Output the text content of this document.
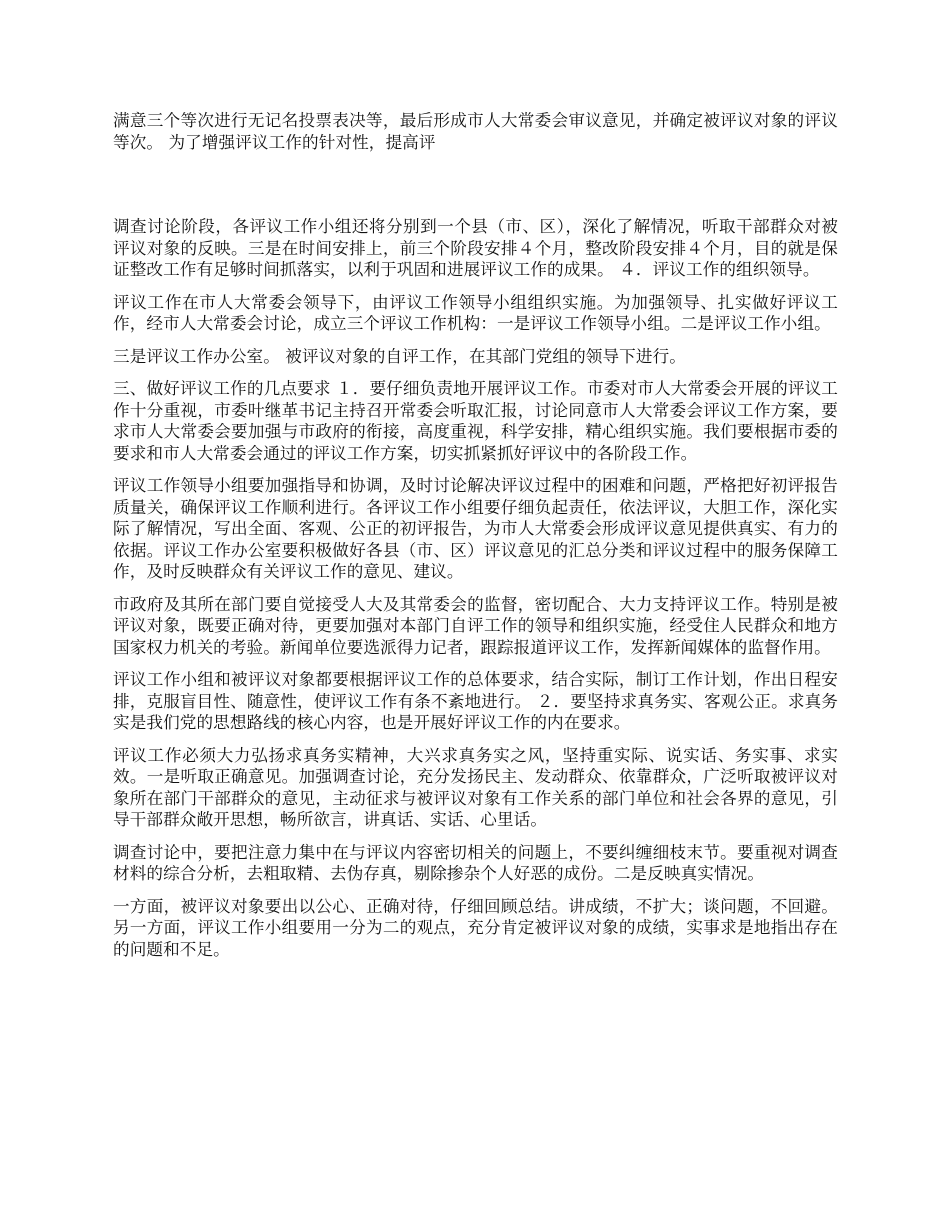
满意三个等次进行无记名投票表决等，最后形成市人大常委会审议意见，并确定被评议对象的评议等次。 为了增强评议工作的针对性，提高评

调查讨论阶段，各评议工作小组还将分别到一个县（市、区），深化了解情况，听取干部群众对被评议对象的反映。三是在时间安排上，前三个阶段安排４个月，整改阶段安排４个月，目的就是保证整改工作有足够时间抓落实，以利于巩固和进展评议工作的成果。 ４．评议工作的组织领导。

评议工作在市人大常委会领导下，由评议工作领导小组组织实施。为加强领导、扎实做好评议工作，经市人大常委会讨论，成立三个评议工作机构：一是评议工作领导小组。二是评议工作小组。

三是评议工作办公室。 被评议对象的自评工作，在其部门党组的领导下进行。

三、做好评议工作的几点要求 １．要仔细负责地开展评议工作。市委对市人大常委会开展的评议工作十分重视，市委叶继革书记主持召开常委会听取汇报，讨论同意市人大常委会评议工作方案，要求市人大常委会要加强与市政府的衔接，高度重视，科学安排，精心组织实施。我们要根据市委的要求和市人大常委会通过的评议工作方案，切实抓紧抓好评议中的各阶段工作。

评议工作领导小组要加强指导和协调，及时讨论解决评议过程中的困难和问题，严格把好初评报告质量关，确保评议工作顺利进行。各评议工作小组要仔细负起责任，依法评议，大胆工作，深化实际了解情况，写出全面、客观、公正的初评报告，为市人大常委会形成评议意见提供真实、有力的依据。评议工作办公室要积极做好各县（市、区）评议意见的汇总分类和评议过程中的服务保障工作，及时反映群众有关评议工作的意见、建议。

市政府及其所在部门要自觉接受人大及其常委会的监督，密切配合、大力支持评议工作。特别是被评议对象，既要正确对待，更要加强对本部门自评工作的领导和组织实施，经受住人民群众和地方国家权力机关的考验。新闻单位要选派得力记者，跟踪报道评议工作，发挥新闻媒体的监督作用。

评议工作小组和被评议对象都要根据评议工作的总体要求，结合实际，制订工作计划，作出日程安排，克服盲目性、随意性，使评议工作有条不紊地进行。 ２．要坚持求真务实、客观公正。求真务实是我们党的思想路线的核心内容，也是开展好评议工作的内在要求。

评议工作必须大力弘扬求真务实精神，大兴求真务实之风，坚持重实际、说实话、务实事、求实效。一是听取正确意见。加强调查讨论，充分发扬民主、发动群众、依靠群众，广泛听取被评议对象所在部门干部群众的意见，主动征求与被评议对象有工作关系的部门单位和社会各界的意见，引导干部群众敞开思想，畅所欲言，讲真话、实话、心里话。

调查讨论中，要把注意力集中在与评议内容密切相关的问题上，不要纠缠细枝末节。要重视对调查材料的综合分析，去粗取精、去伪存真，剔除掺杂个人好恶的成份。二是反映真实情况。

一方面，被评议对象要出以公心、正确对待，仔细回顾总结。讲成绩，不扩大；谈问题，不回避。另一方面，评议工作小组要用一分为二的观点，充分肯定被评议对象的成绩，实事求是地指出存在的问题和不足。
